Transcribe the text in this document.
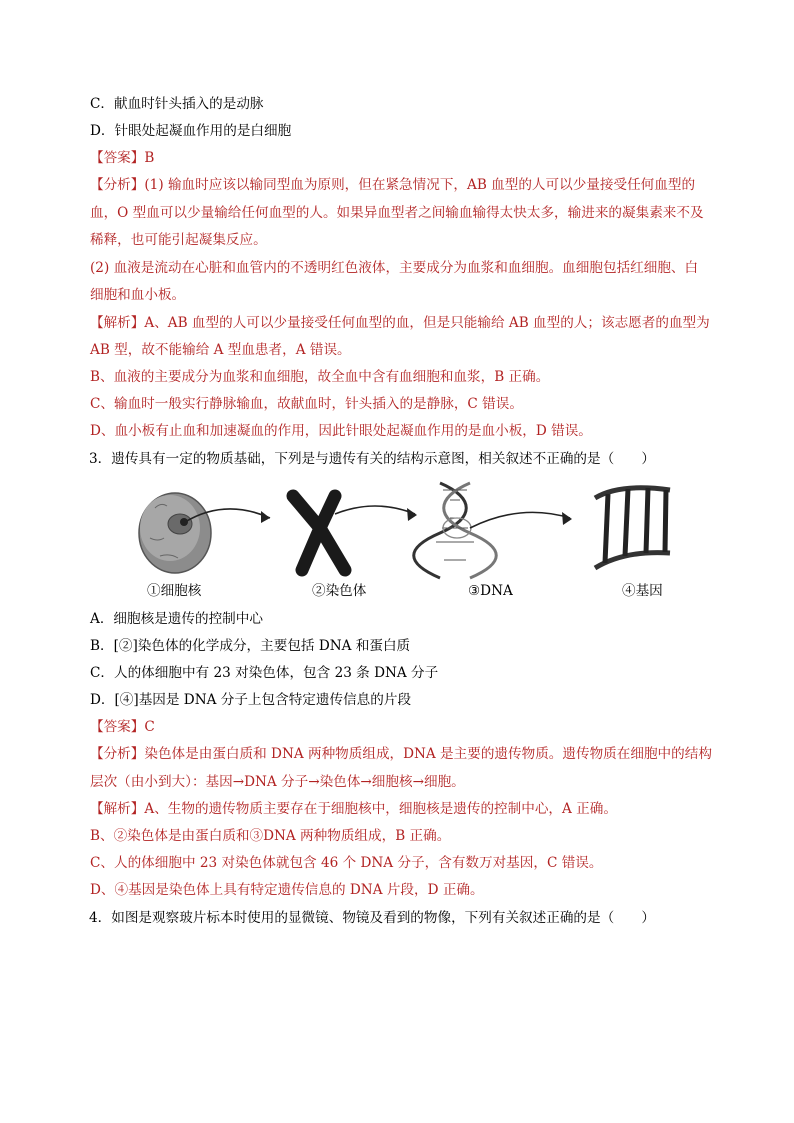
C．献血时针头插入的是动脉
D．针眼处起凝血作用的是白细胞
【答案】B
【分析】(1) 输血时应该以输同型血为原则，但在紧急情况下，AB 血型的人可以少量接受任何血型的
血，O 型血可以少量输给任何血型的人。如果异血型者之间输血输得太快太多，输进来的凝集素来不及
稀释，也可能引起凝集反应。
(2) 血液是流动在心脏和血管内的不透明红色液体，主要成分为血浆和血细胞。血细胞包括红细胞、白
细胞和血小板。
【解析】A、AB 血型的人可以少量接受任何血型的血，但是只能输给 AB 血型的人；该志愿者的血型为
AB 型，故不能输给 A 型血患者，A 错误。
B、血液的主要成分为血浆和血细胞，故全血中含有血细胞和血浆，B 正确。
C、输血时一般实行静脉输血，故献血时，针头插入的是静脉，C 错误。
D、血小板有止血和加速凝血的作用，因此针眼处起凝血作用的是血小板，D 错误。
3．遗传具有一定的物质基础，下列是与遗传有关的结构示意图，相关叙述不正确的是（　　）
①细胞核	②染色体	③DNA	④基因
A．细胞核是遗传的控制中心
B．[②]染色体的化学成分，主要包括 DNA 和蛋白质
C．人的体细胞中有 23 对染色体，包含 23 条 DNA 分子
D．[④]基因是 DNA 分子上包含特定遗传信息的片段
【答案】C
【分析】染色体是由蛋白质和 DNA 两种物质组成，DNA 是主要的遗传物质。遗传物质在细胞中的结构
层次（由小到大）：基因→DNA 分子→染色体→细胞核→细胞。
【解析】A、生物的遗传物质主要存在于细胞核中，细胞核是遗传的控制中心，A 正确。
B、②染色体是由蛋白质和③DNA 两种物质组成，B 正确。
C、人的体细胞中 23 对染色体就包含 46 个 DNA 分子，含有数万对基因，C 错误。
D、④基因是染色体上具有特定遗传信息的 DNA 片段，D 正确。
4．如图是观察玻片标本时使用的显微镜、物镜及看到的物像，下列有关叙述正确的是（　　）
